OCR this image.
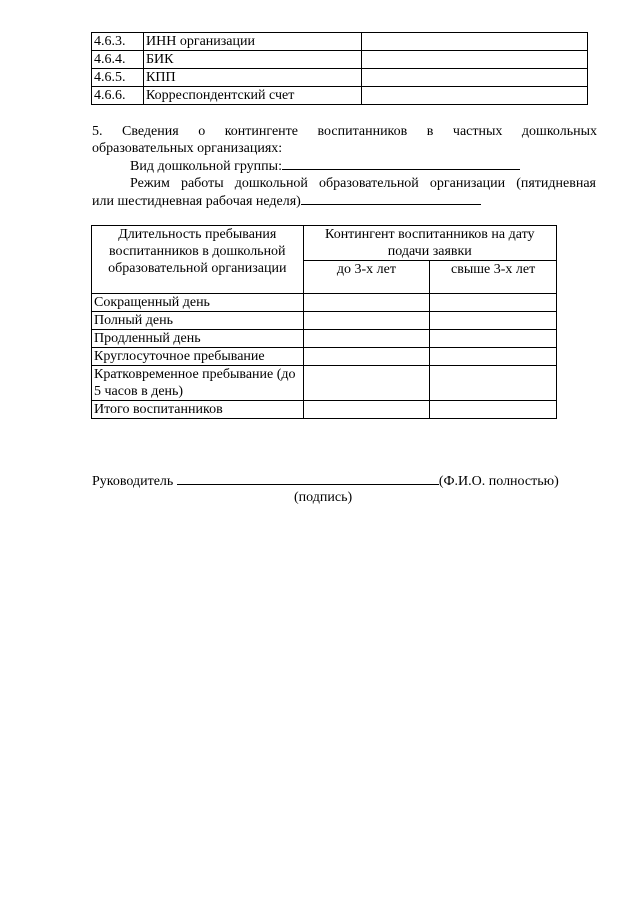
4.6.3.	ИНН организации	
4.6.4.	БИК	
4.6.5.	КПП	
4.6.6.	Корреспондентский счет	
5. Сведения о контингенте воспитанников в частных дошкольных
образовательных организациях:
Вид дошкольной группы:
Режим работы дошкольной образовательной организации (пятидневная
или шестидневная рабочая неделя)
Длительность пребывания воспитанников в дошкольной образовательной организации	Контингент воспитанников на дату подачи заявки	
	до 3-х лет	свыше 3-х лет
Сокращенный день		
Полный день		
Продленный день		
Круглосуточное пребывание		
Кратковременное пребывание (до 5 часов в день)		
Итого воспитанников		
Руководитель	(Ф.И.О. полностью)
(подпись)
